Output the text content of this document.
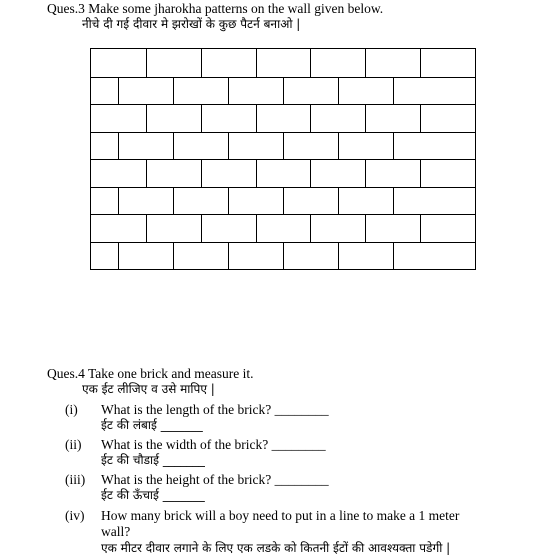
Ques.3 Make some jharokha patterns on the wall given below.
नीचे दी गई दीवार मे झरोखों के कुछ पैटर्न बनाओ |
Ques.4 Take one brick and measure it.
एक ईट लीजिए व उसे मापिए |
(i) What is the length of the brick? ________
ईट की लंबाई _______
(ii) What is the width of the brick? ________
ईट की चौडाई _______
(iii) What is the height of the brick? ________
ईट की ऊँचाई _______
(iv) How many brick will a boy need to put in a line to make a 1 meter
wall?
एक मीटर दीवार लगाने के लिए एक लडके को कितनी ईटों की आवश्यक्ता पडेगी |
